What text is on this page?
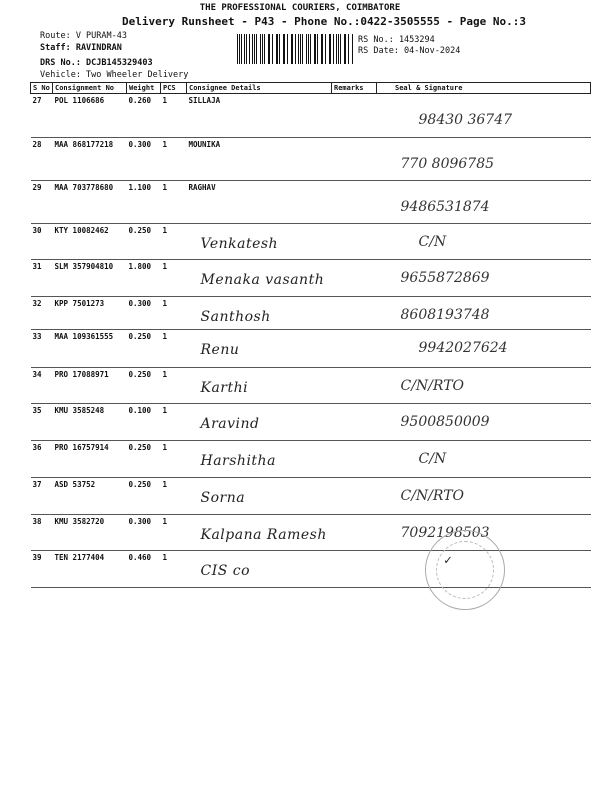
THE PROFESSIONAL COURIERS, COIMBATORE
Delivery Runsheet - P43 - Phone No.:0422-3505555 - Page No.:3
Route: V PURAM-43
Staff: RAVINDRAN
DRS No.: DCJB145329403
Vehicle: Two Wheeler Delivery
RS No.: 1453294
RS Date: 04-Nov-2024
S No	Consignment No	Weight	PCS	Consignee Details	Remarks	Seal & Signature
27	POL 1106686	0.260	1	SILLAJA		98430 36747

28	MAA 868177218	0.300	1	MOUNIKA		770 8096785

29	MAA 703778680	1.100	1	RAGHAV		9486531874

30	KTY 10082462	0.250	1	Venkatesh		C/N

31	SLM 357904810	1.800	1	Menaka vasanth		9655872869

32	KPP 7501273	0.300	1	Santhosh		8608193748

33	MAA 109361555	0.250	1	Renu		9942027624

34	PRO 17088971	0.250	1	Karthi		C/N/RTO

35	KMU 3585248	0.100	1	Aravind		9500850009

36	PRO 16757914	0.250	1	Harshitha		C/N

37	ASD 53752	0.250	1	Sorna		C/N/RTO

38	KMU 3582720	0.300	1	Kalpana Ramesh		7092198503

39	TEN 2177404	0.460	1	CIS co		

✓
